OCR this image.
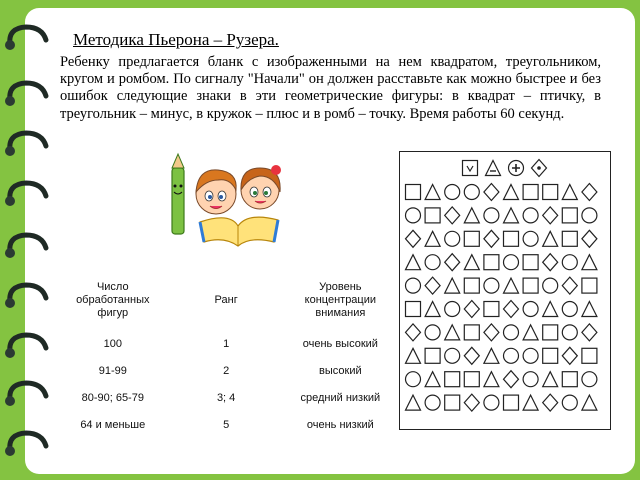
Методика Пьерона – Рузера.

Ребенку предлагается бланк с изображенными на нем квадратом, треугольником, кругом и ромбом. По сигналу "Начали" он должен расставьте как можно быстрее и без ошибок следующие знаки в эти геометрические фигуры: в квадрат – птичку, в треугольник – минус, в кружок – плюс и в ромб – точку. Время работы 60 секунд.

Число обработанных фигур	Ранг	Уровень концентрации внимания
100	1	очень высокий
91-99	2	высокий
80-90; 65-79	3; 4	средний низкий
64 и меньше	5	очень низкий
